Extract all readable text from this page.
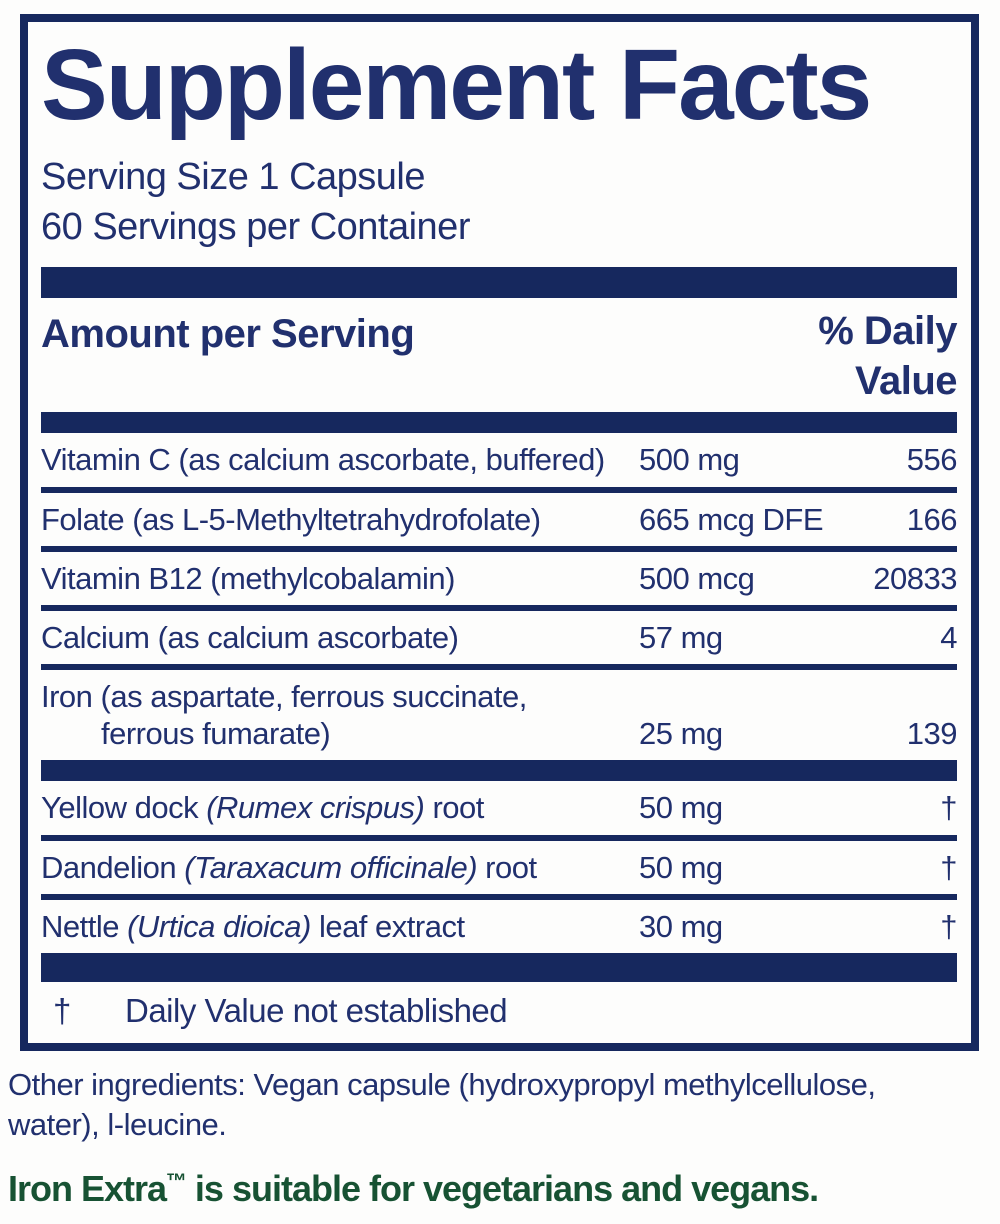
Supplement Facts
Serving Size 1 Capsule
60 Servings per Container
Amount per Serving	% Daily Value
Vitamin C (as calcium ascorbate, buffered)	500 mg	556
Folate (as L-5-Methyltetrahydrofolate)	665 mcg DFE	166
Vitamin B12 (methylcobalamin)	500 mcg	20833
Calcium (as calcium ascorbate)	57 mg	4
Iron (as aspartate, ferrous succinate,
ferrous fumarate)	25 mg	139
Yellow dock (Rumex crispus) root	50 mg	†
Dandelion (Taraxacum officinale) root	50 mg	†
Nettle (Urtica dioica) leaf extract	30 mg	†
†	Daily Value not established

Other ingredients: Vegan capsule (hydroxypropyl methylcellulose, water), l-leucine.

Iron Extra™ is suitable for vegetarians and vegans.
